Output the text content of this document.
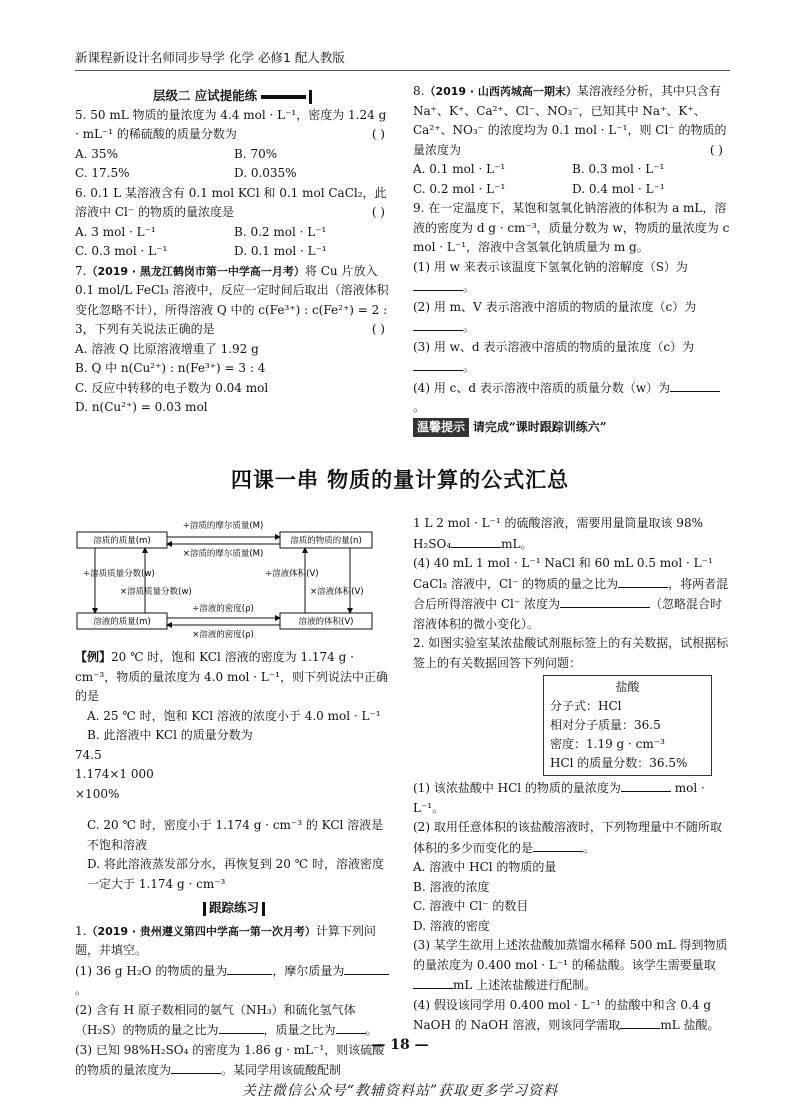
新课程新设计名师同步导学 化学 必修1 配人教版
层级二 应试提能练

5. 50 mL 物质的量浓度为 4.4 mol · L⁻¹，密度为 1.24 g · mL⁻¹ 的稀硫酸的质量分数为	( )

A. 35%	B. 70%
C. 17.5%	D. 0.035%

6. 0.1 L 某溶液含有 0.1 mol KCl 和 0.1 mol CaCl₂，此溶液中 Cl⁻ 的物质的量浓度是	( )

A. 3 mol · L⁻¹	B. 0.2 mol · L⁻¹
C. 0.3 mol · L⁻¹	D. 0.1 mol · L⁻¹

7.（2019 · 黑龙江鹤岗市第一中学高一月考）将 Cu 片放入 0.1 mol/L FeCl₃ 溶液中，反应一定时间后取出（溶液体积变化忽略不计），所得溶液 Q 中的 c(Fe³⁺) : c(Fe²⁺) = 2 : 3，下列有关说法正确的是	( )

A. 溶液 Q 比原溶液增重了 1.92 g
B. Q 中 n(Cu²⁺) : n(Fe³⁺) = 3 : 4
C. 反应中转移的电子数为 0.04 mol
D. n(Cu²⁺) = 0.03 mol

8.（2019 · 山西芮城高一期末）某溶液经分析，其中只含有 Na⁺、K⁺、Ca²⁺、Cl⁻、NO₃⁻，已知其中 Na⁺、K⁺、Ca²⁺、NO₃⁻ 的浓度均为 0.1 mol · L⁻¹，则 Cl⁻ 的物质的量浓度为	( )

A. 0.1 mol · L⁻¹	B. 0.3 mol · L⁻¹
C. 0.2 mol · L⁻¹	D. 0.4 mol · L⁻¹

9. 在一定温度下，某饱和氢氧化钠溶液的体积为 a mL，溶液的密度为 d g · cm⁻³，质量分数为 w，物质的量浓度为 c mol · L⁻¹，溶液中含氢氧化钠质量为 m g。

(1) 用 w 来表示该温度下氢氧化钠的溶解度（S）为。

(2) 用 m、V 表示溶液中溶质的物质的量浓度（c）为。

(3) 用 w、d 表示溶液中溶质的物质的量浓度（c）为。

(4) 用 c、d 表示溶液中溶质的质量分数（w）为。

温馨提示 请完成“课时跟踪训练六”

四课一串 物质的量计算的公式汇总
溶质的质量(m)	溶质的物质的量(n)
溶液的质量(m)	溶液的体积(V)
÷溶质的摩尔质量(M)
×溶质的摩尔质量(M)
÷溶液的密度(ρ)
×溶液的密度(ρ)
÷溶质质量分数(w)
×溶质质量分数(w)
÷溶液体积(V)
×溶液体积(V)

【例】20 ℃ 时，饱和 KCl 溶液的密度为 1.174 g · cm⁻³，物质的量浓度为 4.0 mol · L⁻¹，则下列说法中正确的是

A. 25 ℃ 时，饱和 KCl 溶液的浓度小于 4.0 mol · L⁻¹

B. 此溶液中 KCl 的质量分数为

74.5
1.174×1 000
×100%

C. 20 ℃ 时，密度小于 1.174 g · cm⁻³ 的 KCl 溶液是不饱和溶液

D. 将此溶液蒸发部分水，再恢复到 20 ℃ 时，溶液密度一定大于 1.174 g · cm⁻³

跟踪练习

1.（2019 · 贵州遵义第四中学高一第一次月考）计算下列问题，并填空。

(1) 36 g H₂O 的物质的量为	，摩尔质量为。

(2) 含有 H 原子数相同的氨气（NH₃）和硫化氢气体（H₂S）的物质的量之比为	，质量之比为	。

(3) 已知 98%H₂SO₄ 的密度为 1.86 g · mL⁻¹，则该硫酸的物质的量浓度为	。某同学用该硫酸配制

1 L 2 mol · L⁻¹ 的硫酸溶液，需要用量筒量取该 98% H₂SO₄	mL。

(4) 40 mL 1 mol · L⁻¹ NaCl 和 60 mL 0.5 mol · L⁻¹ CaCl₂ 溶液中，Cl⁻ 的物质的量之比为	，将两者混合后所得溶液中 Cl⁻ 浓度为	（忽略混合时溶液体积的微小变化）。

2. 如图实验室某浓盐酸试剂瓶标签上的有关数据，试根据标签上的有关数据回答下列问题：

盐酸
分子式：HCl
相对分子质量：36.5
密度：1.19 g · cm⁻³
HCl 的质量分数：36.5%

(1) 该浓盐酸中 HCl 的物质的量浓度为	mol · L⁻¹。

(2) 取用任意体积的该盐酸溶液时，下列物理量中不随所取体积的多少而变化的是	。

A. 溶液中 HCl 的物质的量
B. 溶液的浓度
C. 溶液中 Cl⁻ 的数目
D. 溶液的密度

(3) 某学生欲用上述浓盐酸加蒸馏水稀释 500 mL 得到物质的量浓度为 0.400 mol · L⁻¹ 的稀盐酸。该学生需要量取mL 上述浓盐酸进行配制。

(4) 假设该同学用 0.400 mol · L⁻¹ 的盐酸中和含 0.4 g NaOH 的 NaOH 溶液，则该同学需取	mL 盐酸。

— 18 —
关注微信公众号“教辅资料站”获取更多学习资料
